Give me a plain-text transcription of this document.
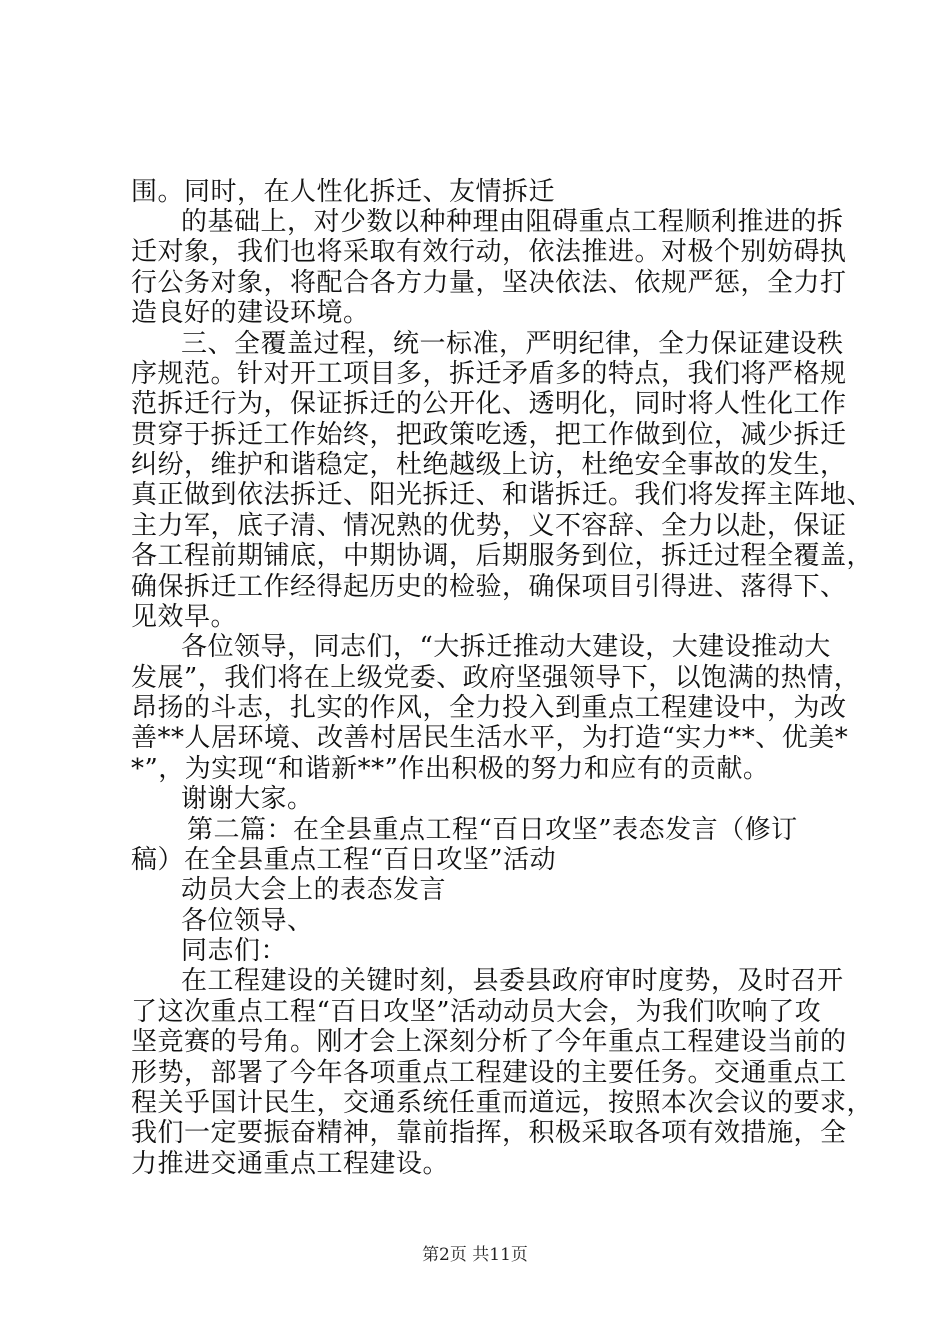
围。同时，在人性化拆迁、友情拆迁
的基础上，对少数以种种理由阻碍重点工程顺利推进的拆
迁对象，我们也将采取有效行动，依法推进。对极个别妨碍执
行公务对象，将配合各方力量，坚决依法、依规严惩，全力打
造良好的建设环境。
三、全覆盖过程，统一标准，严明纪律，全力保证建设秩
序规范。针对开工项目多，拆迁矛盾多的特点，我们将严格规
范拆迁行为，保证拆迁的公开化、透明化，同时将人性化工作
贯穿于拆迁工作始终，把政策吃透，把工作做到位，减少拆迁
纠纷，维护和谐稳定，杜绝越级上访，杜绝安全事故的发生，
真正做到依法拆迁、阳光拆迁、和谐拆迁。我们将发挥主阵地、
主力军，底子清、情况熟的优势，义不容辞、全力以赴，保证
各工程前期铺底，中期协调，后期服务到位，拆迁过程全覆盖，
确保拆迁工作经得起历史的检验，确保项目引得进、落得下、
见效早。
各位领导，同志们，“大拆迁推动大建设，大建设推动大
发展”，我们将在上级党委、政府坚强领导下，以饱满的热情，
昂扬的斗志，扎实的作风，全力投入到重点工程建设中，为改
善**人居环境、改善村居民生活水平，为打造“实力**、优美*
*”，为实现“和谐新**”作出积极的努力和应有的贡献。
谢谢大家。
第二篇：在全县重点工程“百日攻坚”表态发言（修订
稿）在全县重点工程“百日攻坚”活动
动员大会上的表态发言
各位领导、
同志们：
在工程建设的关键时刻，县委县政府审时度势，及时召开
了这次重点工程“百日攻坚”活动动员大会，为我们吹响了攻
坚竞赛的号角。刚才会上深刻分析了今年重点工程建设当前的
形势，部署了今年各项重点工程建设的主要任务。交通重点工
程关乎国计民生，交通系统任重而道远，按照本次会议的要求，
我们一定要振奋精神，靠前指挥，积极采取各项有效措施，全
力推进交通重点工程建设。
第2页 共11页
